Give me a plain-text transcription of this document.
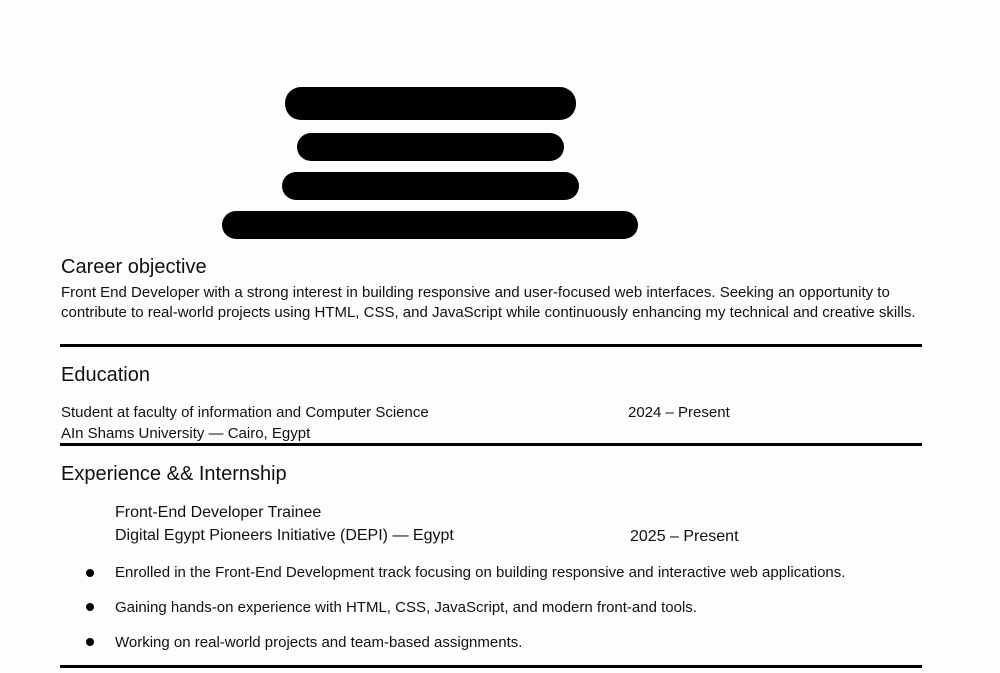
Career objective
Front End Developer with a strong interest in building responsive and user-focused web interfaces. Seeking an opportunity to contribute to real-world projects using HTML, CSS, and JavaScript while continuously enhancing my technical and creative skills.
Education
Student at faculty of information and Computer Science	2024 – Present
AIn Shams University — Cairo, Egypt
Experience && Internship
Front-End Developer Trainee
Digital Egypt Pioneers Initiative (DEPI) — Egypt	2025 – Present
Enrolled in the Front-End Development track focusing on building responsive and interactive web applications.
Gaining hands-on experience with HTML, CSS, JavaScript, and modern front-and tools.
Working on real-world projects and team-based assignments.
